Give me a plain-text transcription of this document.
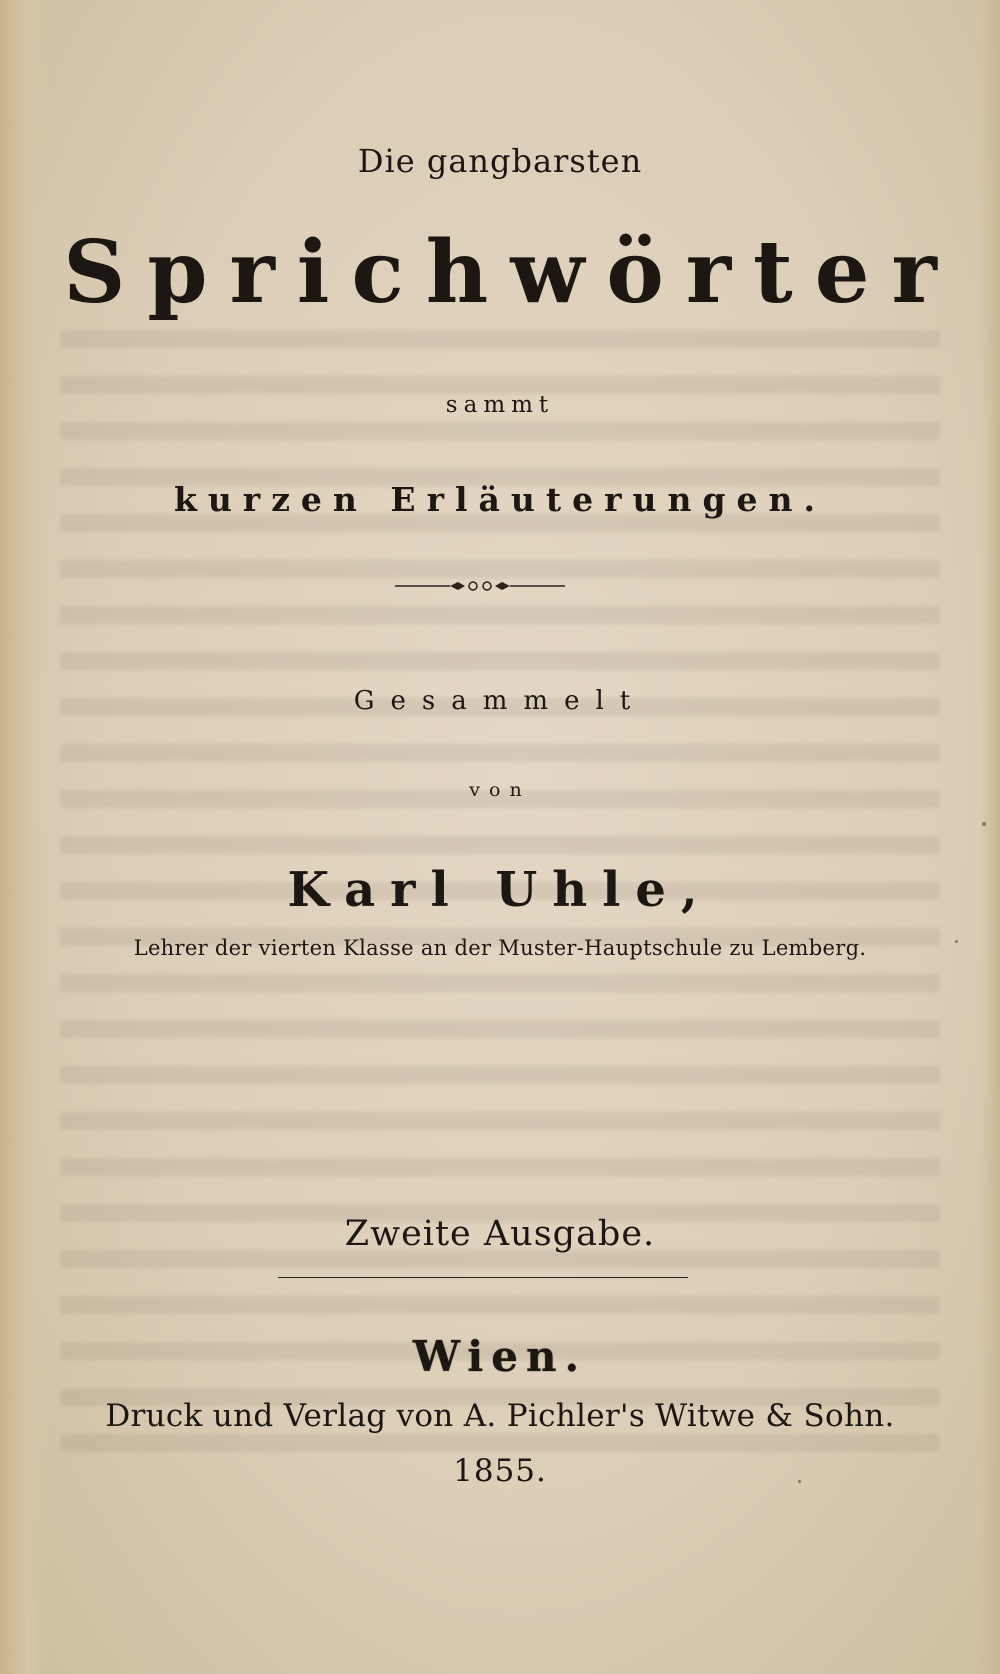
Die gangbarsten

Sprichwörter

sammt

kurzen Erläuterungen.

Gesammelt

von

Karl Uhle,

Lehrer der vierten Klasse an der Muster-Hauptschule zu Lemberg.

Zweite Ausgabe.

Wien.

Druck und Verlag von A. Pichler's Witwe & Sohn.

1855.
